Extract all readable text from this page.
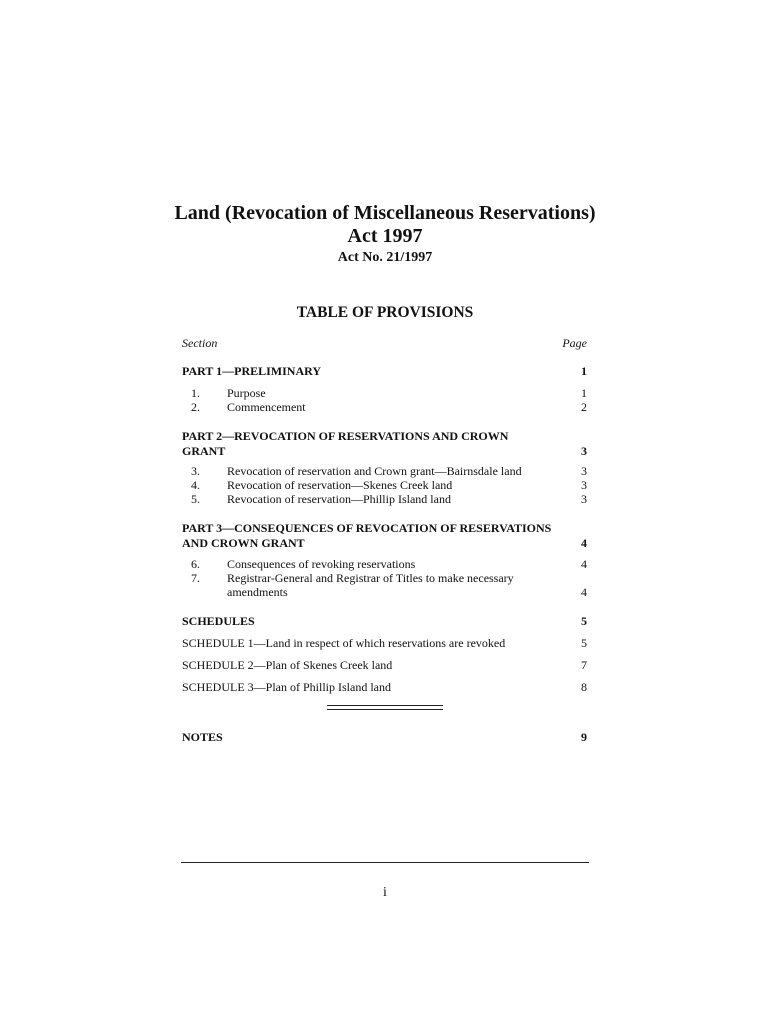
Land (Revocation of Miscellaneous Reservations)
Act 1997
Act No. 21/1997
TABLE OF PROVISIONS
Section	Page
PART 1—PRELIMINARY	1
1. Purpose	1
2. Commencement	2
PART 2—REVOCATION OF RESERVATIONS AND CROWN GRANT	3
3. Revocation of reservation and Crown grant—Bairnsdale land	3
4. Revocation of reservation—Skenes Creek land	3
5. Revocation of reservation—Phillip Island land	3
PART 3—CONSEQUENCES OF REVOCATION OF RESERVATIONS AND CROWN GRANT	4
6. Consequences of revoking reservations	4
7. Registrar-General and Registrar of Titles to make necessary amendments	4
SCHEDULES	5
SCHEDULE 1—Land in respect of which reservations are revoked	5
SCHEDULE 2—Plan of Skenes Creek land	7
SCHEDULE 3—Plan of Phillip Island land	8
NOTES	9
i
